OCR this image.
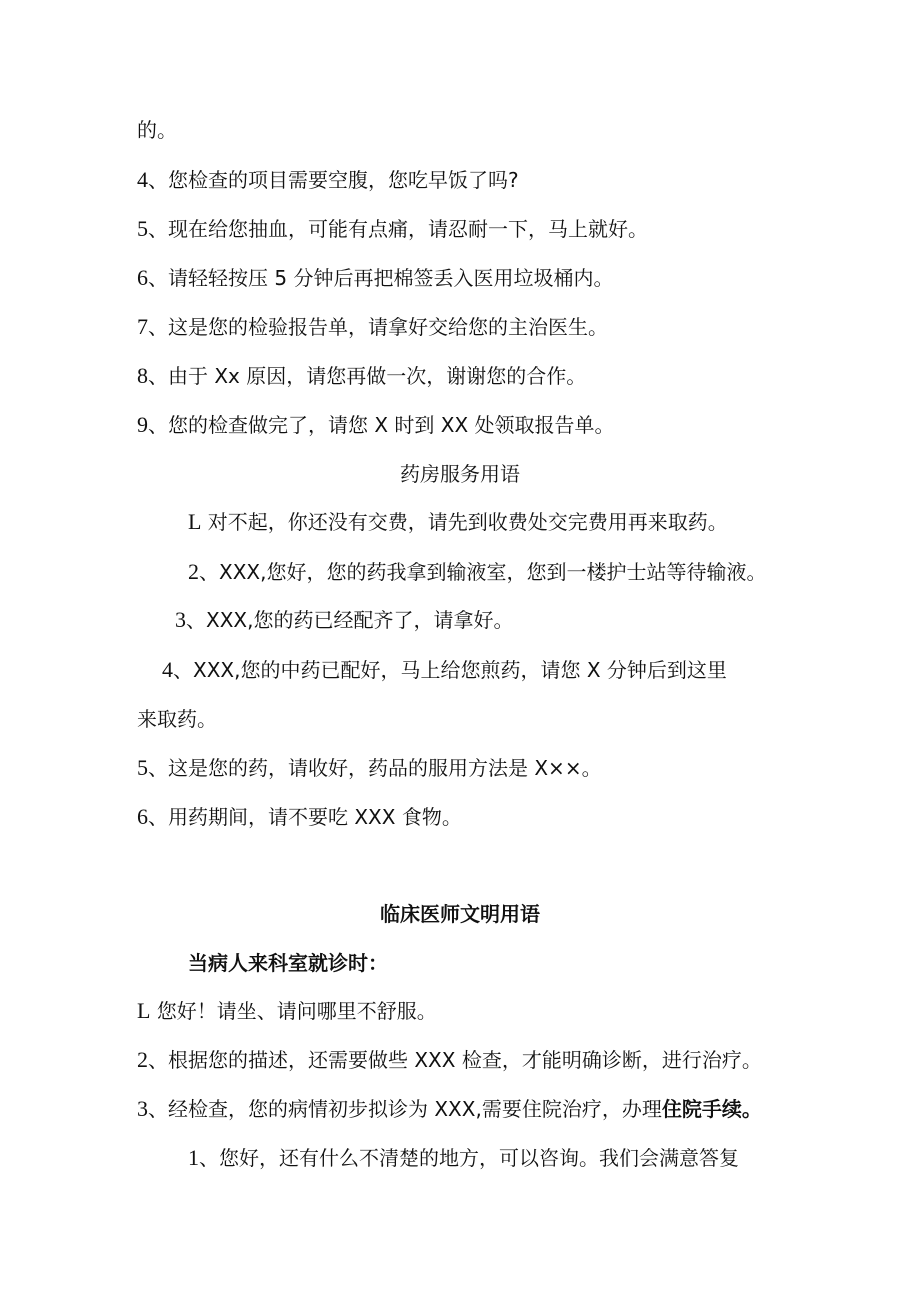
的。
4、您检查的项目需要空腹，您吃早饭了吗?
5、现在给您抽血，可能有点痛，请忍耐一下，马上就好。
6、请轻轻按压 5 分钟后再把棉签丢入医用垃圾桶内。
7、这是您的检验报告单，请拿好交给您的主治医生。
8、由于 Xx 原因，请您再做一次，谢谢您的合作。
9、您的检查做完了，请您 X 时到 XX 处领取报告单。
药房服务用语
L 对不起，你还没有交费，请先到收费处交完费用再来取药。
2、XXX,您好，您的药我拿到输液室，您到一楼护士站等待输液。
3、XXX,您的药已经配齐了，请拿好。
4、XXX,您的中药已配好，马上给您煎药，请您 X 分钟后到这里
来取药。
5、这是您的药，请收好，药品的服用方法是 X××。
6、用药期间，请不要吃 XXX 食物。
临床医师文明用语
当病人来科室就诊时：
L 您好！请坐、请问哪里不舒服。
2、根据您的描述，还需要做些 XXX 检查，才能明确诊断，进行治疗。
3、经检查，您的病情初步拟诊为 XXX,需要住院治疗，办理住院手续。
1、您好，还有什么不清楚的地方，可以咨询。我们会满意答复
